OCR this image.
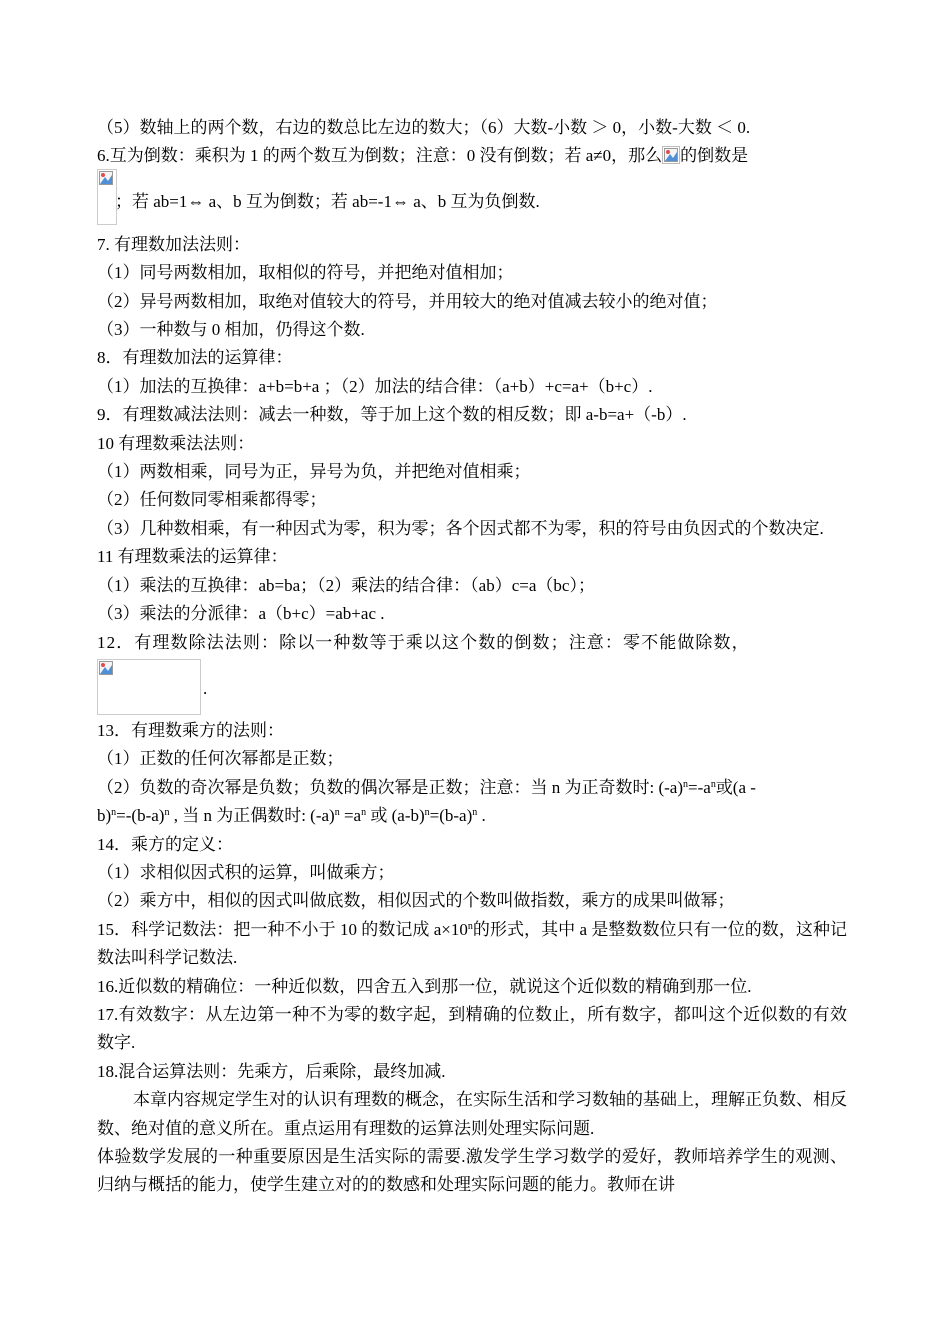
（5）数轴上的两个数，右边的数总比左边的数大；（6）大数-小数 ＞ 0，小数-大数 ＜ 0.
6.互为倒数：乘积为 1 的两个数互为倒数；注意：0 没有倒数；若 a≠0，那么 的倒数是
；若 ab=1⇔ a、b 互为倒数；若 ab=-1⇔ a、b 互为负倒数.
7. 有理数加法法则：
（1）同号两数相加，取相似的符号，并把绝对值相加；
（2）异号两数相加，取绝对值较大的符号，并用较大的绝对值减去较小的绝对值；
（3）一种数与 0 相加，仍得这个数.
8．有理数加法的运算律：
（1）加法的互换律：a+b=b+a ；（2）加法的结合律：（a+b）+c=a+（b+c）.
9．有理数减法法则：减去一种数，等于加上这个数的相反数；即 a-b=a+（-b）.
10 有理数乘法法则：
（1）两数相乘，同号为正，异号为负，并把绝对值相乘；
（2）任何数同零相乘都得零；
（3）几种数相乘，有一种因式为零，积为零；各个因式都不为零，积的符号由负因式的个数决定.
11 有理数乘法的运算律：
（1）乘法的互换律：ab=ba；（2）乘法的结合律：（ab）c=a（bc）；
（3）乘法的分派律：a（b+c）=ab+ac .
12．有理数除法法则：除以一种数等于乘以这个数的倒数；注意：零不能做除数，
.
13．有理数乘方的法则：
（1）正数的任何次幂都是正数；
（2）负数的奇次幂是负数；负数的偶次幂是正数；注意：当 n 为正奇数时: $(-a)^n=-a^n$或(a -
$b)^n=-(b-a)^n$ , 当 n 为正偶数时: $(-a)^n =a^n$ 或 $(a-b)^n=(b-a)^n$ .
14．乘方的定义：
（1）求相似因式积的运算，叫做乘方；
（2）乘方中，相似的因式叫做底数，相似因式的个数叫做指数，乘方的成果叫做幂；
15．科学记数法：把一种不小于 10 的数记成 $a\times 10^n$的形式，其中 a 是整数数位只有一位的数，这种记数法叫科学记数法.
16.近似数的精确位：一种近似数，四舍五入到那一位，就说这个近似数的精确到那一位.
17.有效数字：从左边第一种不为零的数字起，到精确的位数止，所有数字，都叫这个近似数的有效数字.
18.混合运算法则：先乘方，后乘除，最终加减.
本章内容规定学生对的认识有理数的概念，在实际生活和学习数轴的基础上，理解正负数、相反数、绝对值的意义所在。重点运用有理数的运算法则处理实际问题.
体验数学发展的一种重要原因是生活实际的需要.激发学生学习数学的爱好，教师培养学生的观测、归纳与概括的能力，使学生建立对的的数感和处理实际问题的能力。教师在讲
